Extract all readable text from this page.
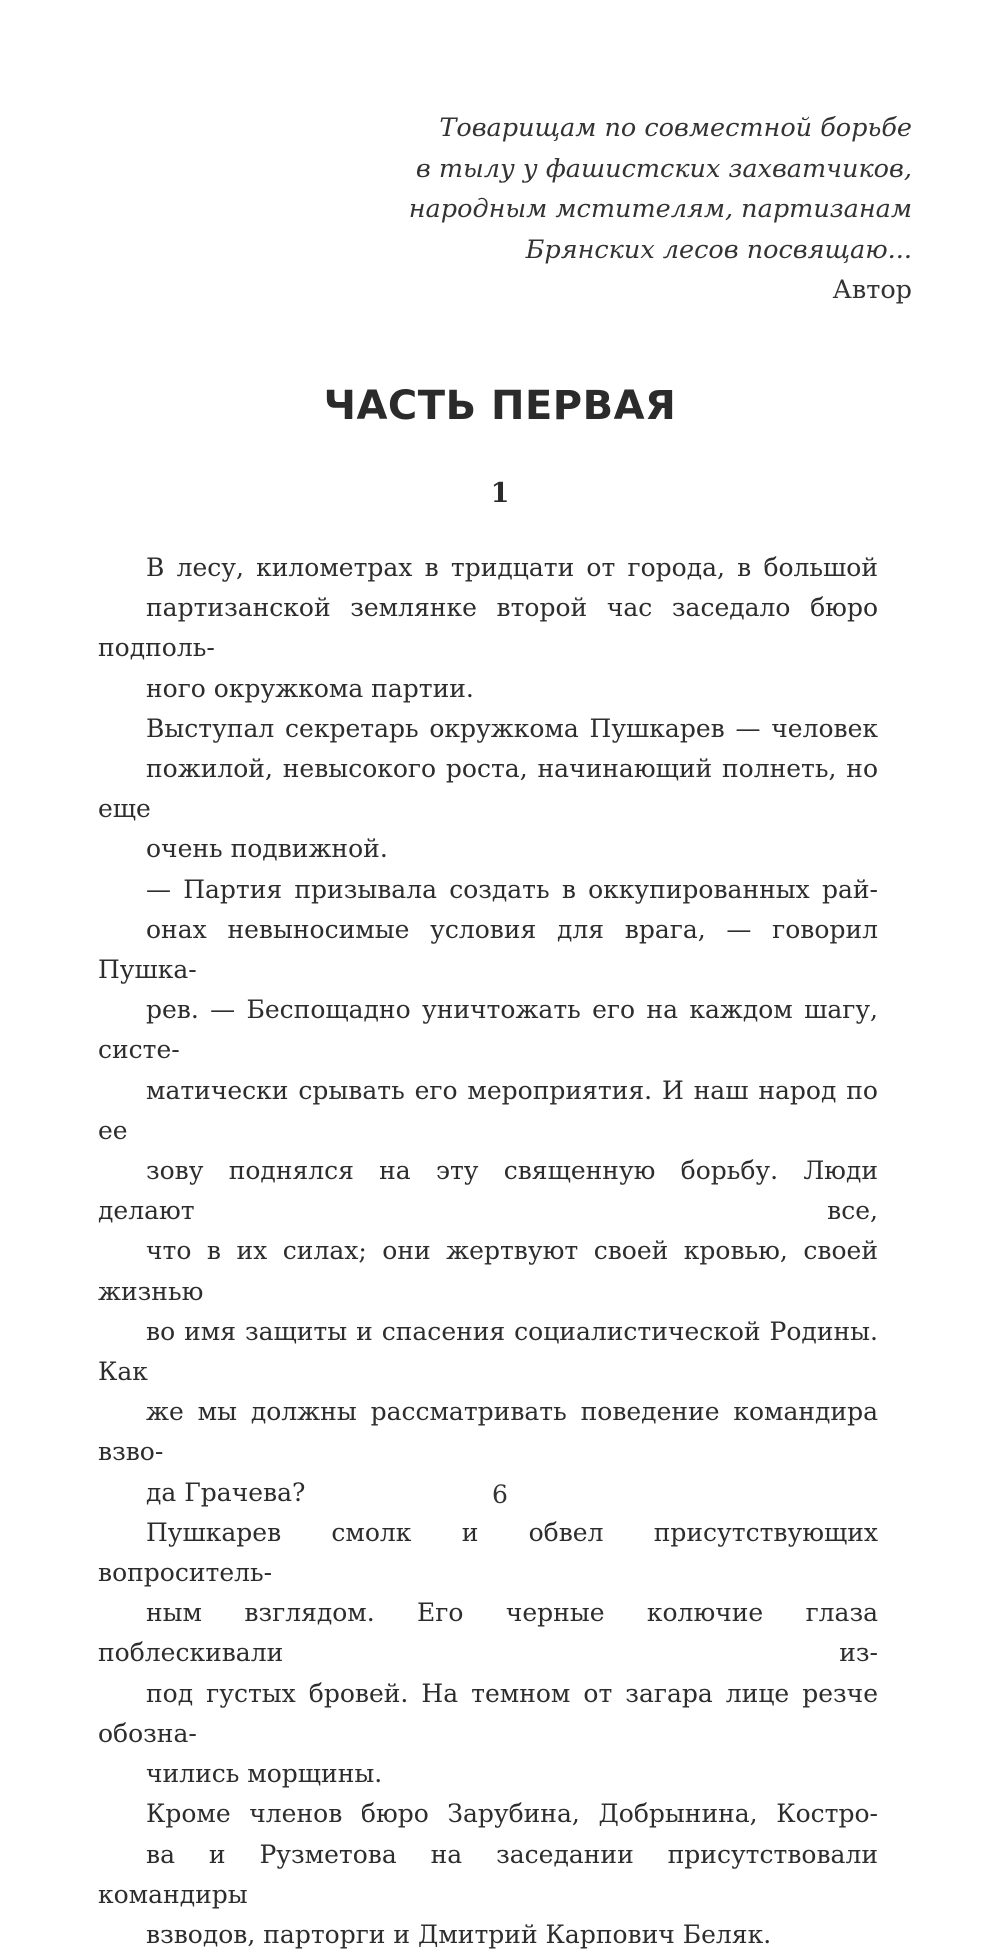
Товарищам по совместной борьбе
в тылу у фашистских захватчиков,
народным мстителям, партизанам
Брянских лесов посвящаю...
Автор
ЧАСТЬ ПЕРВАЯ
1

В лесу, километрах в тридцати от города, в большой
партизанской землянке второй час заседало бюро подполь-
ного окружкома партии.

Выступал секретарь окружкома Пушкарев — человек
пожилой, невысокого роста, начинающий полнеть, но еще
очень подвижной.

— Партия призывала создать в оккупированных рай-
онах невыносимые условия для врага, — говорил Пушка-
рев. — Беспощадно уничтожать его на каждом шагу, систе-
матически срывать его мероприятия. И наш народ по ее
зову поднялся на эту священную борьбу. Люди делают все,
что в их силах; они жертвуют своей кровью, своей жизнью
во имя защиты и спасения социалистической Родины. Как
же мы должны рассматривать поведение командира взво-
да Грачева?

Пушкарев смолк и обвел присутствующих вопроситель-
ным взглядом. Его черные колючие глаза поблескивали из-
под густых бровей. На темном от загара лице резче обозна-
чились морщины.

Кроме членов бюро Зарубина, Добрынина, Костро-
ва и Рузметова на заседании присутствовали командиры
взводов, парторги и Дмитрий Карпович Беляк.

6
